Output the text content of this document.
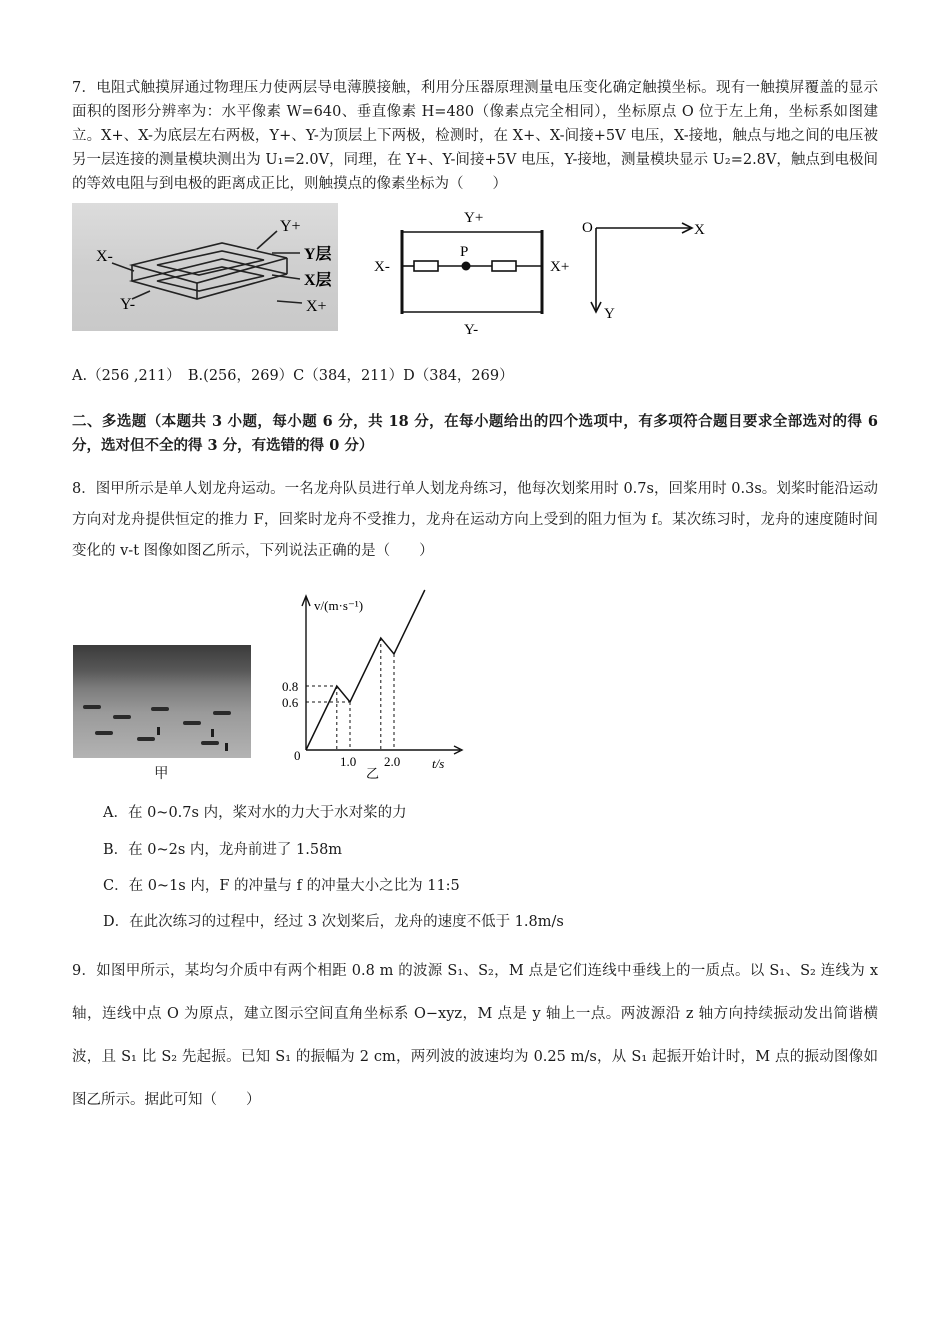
7．电阻式触摸屏通过物理压力使两层导电薄膜接触，利用分压器原理测量电压变化确定触摸坐标。现有一触摸屏覆盖的显示面积的图形分辨率为：水平像素 W=640、垂直像素 H=480（像素点完全相同），坐标原点 O 位于左上角，坐标系如图建立。X+、X-为底层左右两极，Y+、Y-为顶层上下两极，检测时，在 X+、X-间接+5V 电压，X-接地，触点与地之间的电压被另一层连接的测量模块测出为 U₁=2.0V，同理，在 Y+、Y-间接+5V 电压，Y-接地，测量模块显示 U₂=2.8V，触点到电极间的等效电阻与到电极的距离成正比，则触摸点的像素坐标为（　　）
X-
Y+
Y层
X层
Y-	X+
P
Y+
Y-
X-	X+
O	X
Y
A.（256 ,211）　B.(256，269）C（384，211）D（384，269）
二、多选题（本题共 3 小题，每小题 6 分，共 18 分，在每小题给出的四个选项中，有多项符合题目要求全部选对的得 6 分，选对但不全的得 3 分，有选错的得 0 分）
8．图甲所示是单人划龙舟运动。一名龙舟队员进行单人划龙舟练习，他每次划桨用时 0.7s，回桨用时 0.3s。划桨时能沿运动方向对龙舟提供恒定的推力 F，回桨时龙舟不受推力，龙舟在运动方向上受到的阻力恒为 f。某次练习时，龙舟的速度随时间变化的 v-t 图像如图乙所示，下列说法正确的是（　　）
甲
v/(m·s⁻¹)
t/s
0	1.0 2.0
0.6
0.8
乙
A．在 0~0.7s 内，桨对水的力大于水对桨的力
B．在 0~2s 内，龙舟前进了 1.58m
C．在 0~1s 内，F 的冲量与 f 的冲量大小之比为 11:5
D．在此次练习的过程中，经过 3 次划桨后，龙舟的速度不低于 1.8m/s
9．如图甲所示，某均匀介质中有两个相距 0.8 m 的波源 S₁、S₂，M 点是它们连线中垂线上的一质点。以 S₁、S₂ 连线为 x 轴，连线中点 O 为原点，建立图示空间直角坐标系 O−xyz，M 点是 y 轴上一点。两波源沿 z 轴方向持续振动发出简谐横波，且 S₁ 比 S₂ 先起振。已知 S₁ 的振幅为 2 cm，两列波的波速均为 0.25 m/s，从 S₁ 起振开始计时，M 点的振动图像如图乙所示。据此可知（　　）
